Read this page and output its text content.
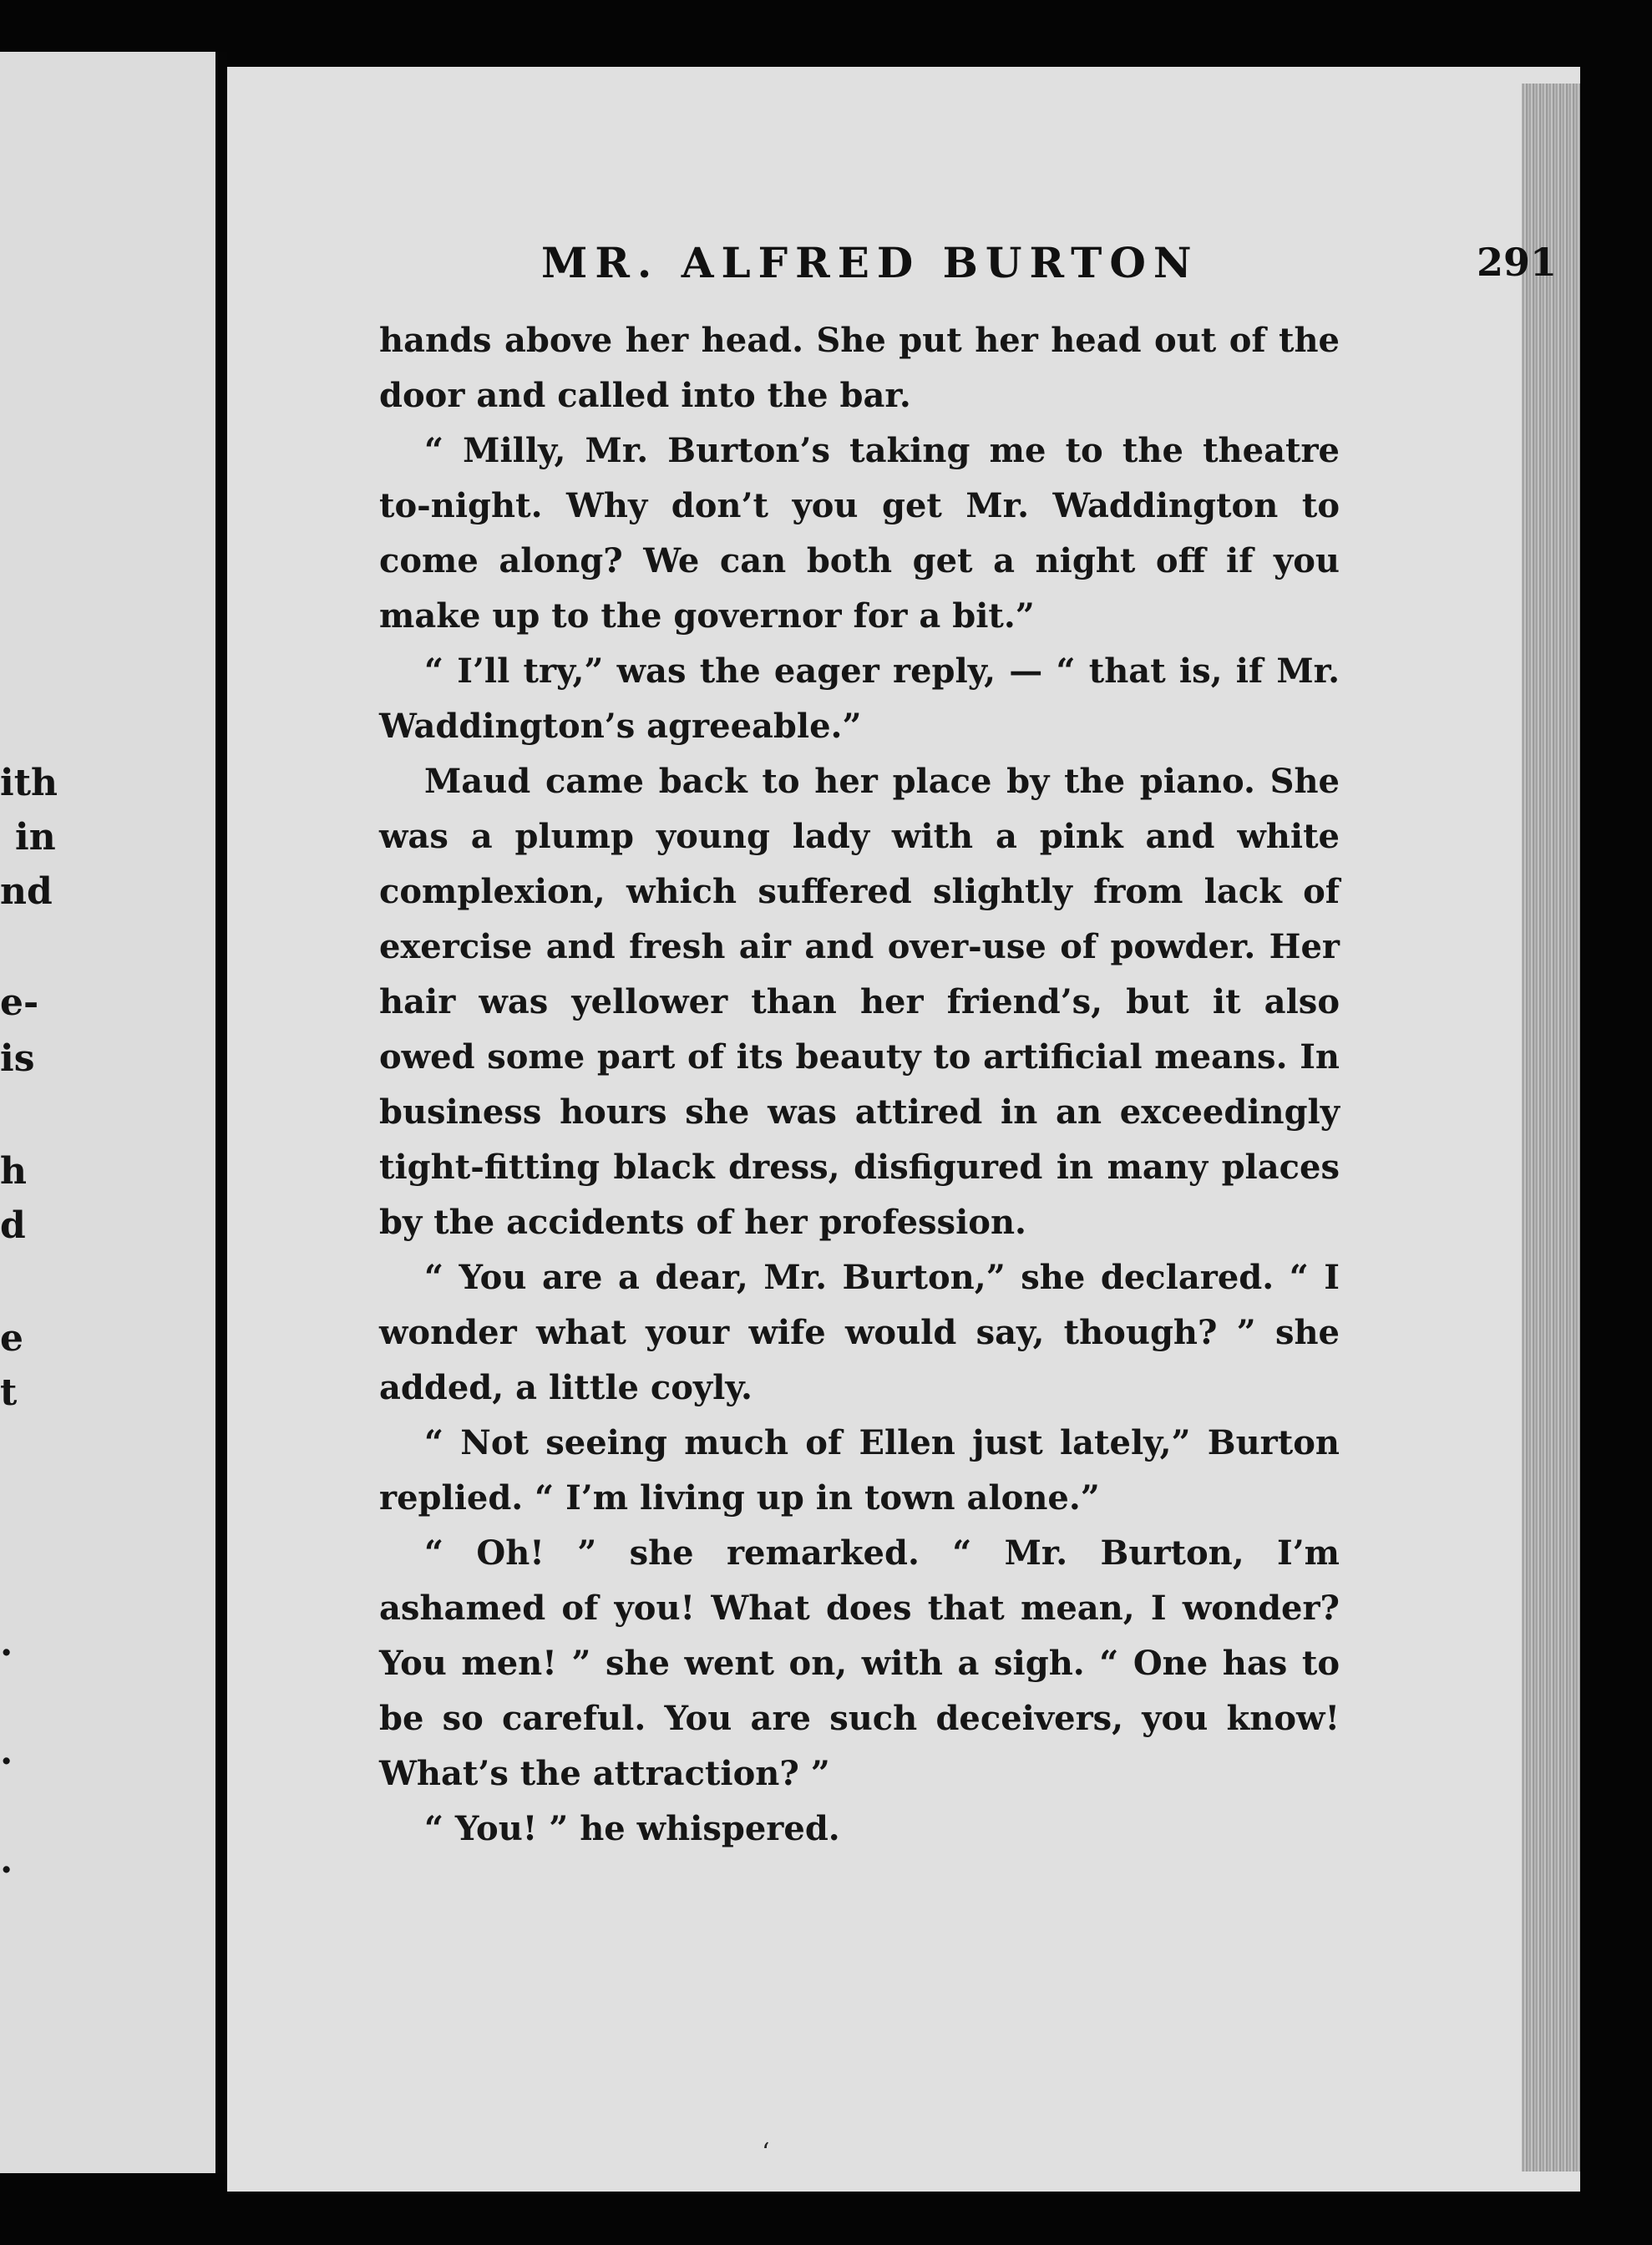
ith
in
nd
e-
is
h
d
e
t
.
.
.
MR. ALFRED BURTON	291

hands above her head. She put her head out of the door and called into the bar.

“ Milly, Mr. Burton’s taking me to the theatre to-night. Why don’t you get Mr. Waddington to come along? We can both get a night off if you make up to the governor for a bit.”

“ I’ll try,” was the eager reply, — “ that is, if Mr. Waddington’s agreeable.”

Maud came back to her place by the piano. She was a plump young lady with a pink and white complexion, which suffered slightly from lack of exercise and fresh air and over-use of powder. Her hair was yellower than her friend’s, but it also owed some part of its beauty to artificial means. In business hours she was attired in an exceedingly tight-fitting black dress, disfigured in many places by the accidents of her profession.

“ You are a dear, Mr. Burton,” she declared. “ I wonder what your wife would say, though? ” she added, a little coyly.

“ Not seeing much of Ellen just lately,” Burton replied. “ I’m living up in town alone.”

“ Oh! ” she remarked. “ Mr. Burton, I’m ashamed of you! What does that mean, I wonder? You men! ” she went on, with a sigh. “ One has to be so careful. You are such deceivers, you know! What’s the attraction? ”

“ You! ” he whispered.

‘
